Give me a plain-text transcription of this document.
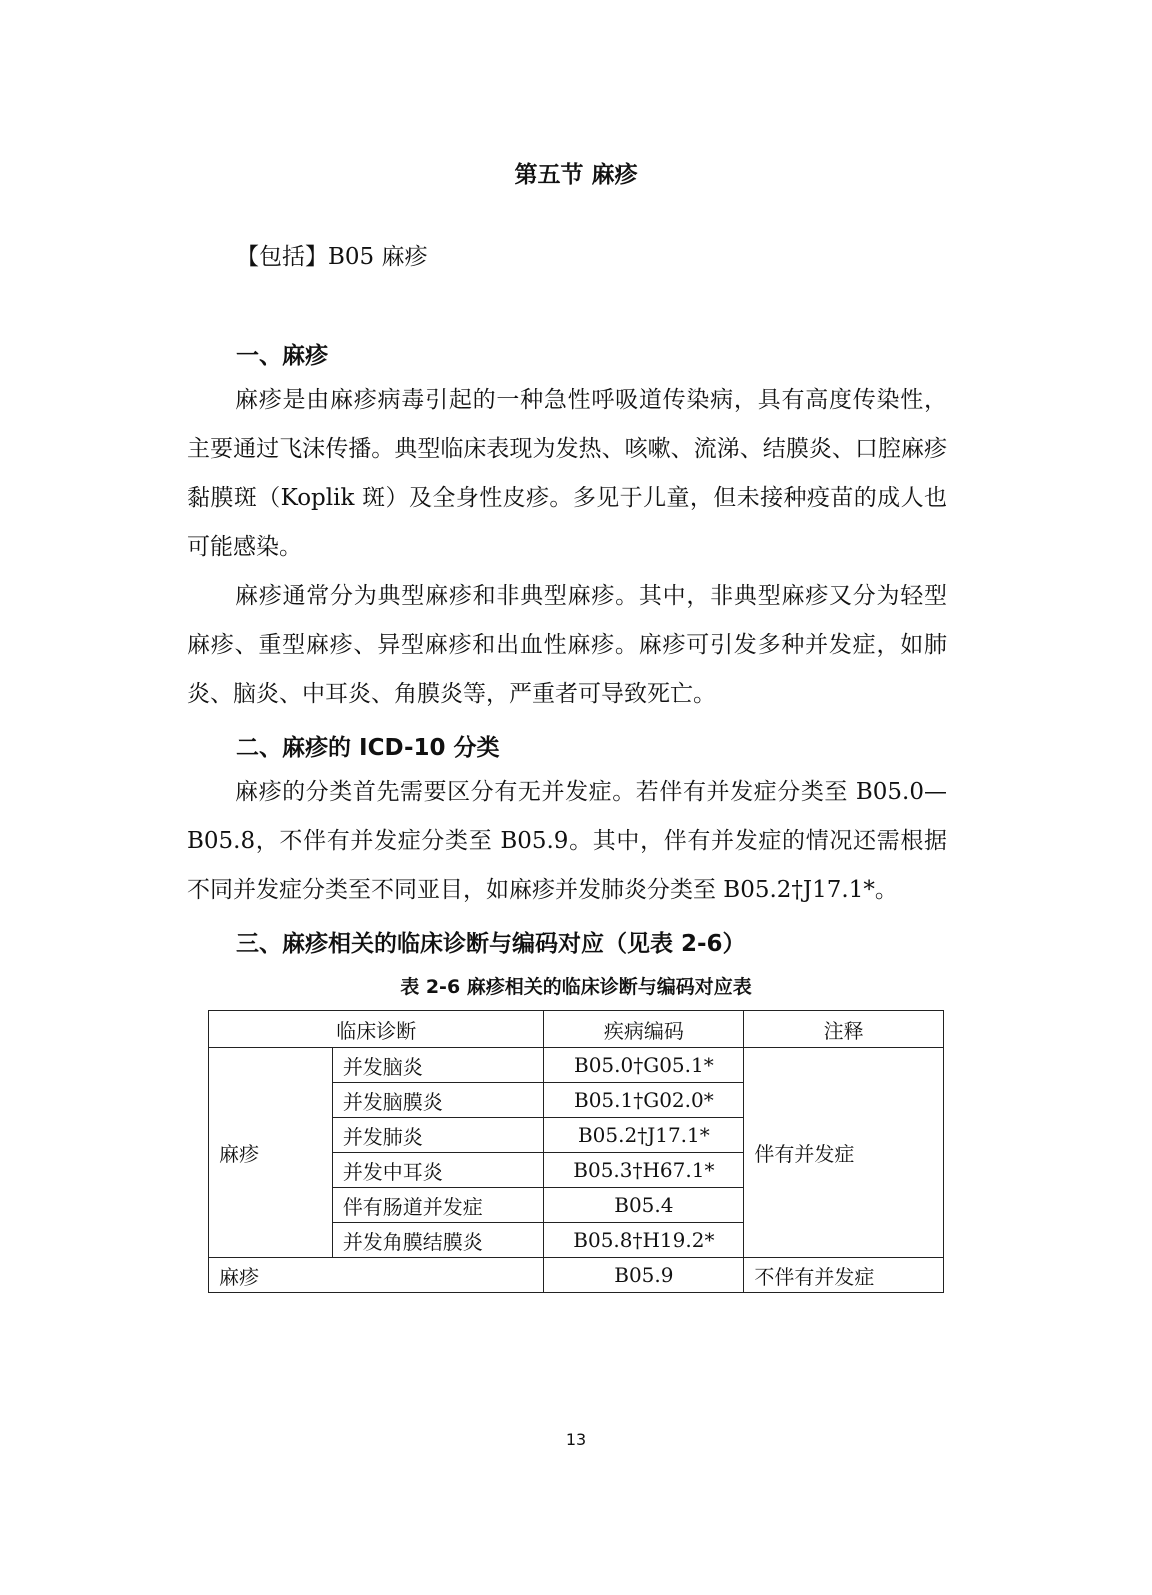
第五节 麻疹
【包括】B05 麻疹
一、麻疹

麻疹是由麻疹病毒引起的一种急性呼吸道传染病，具有高度传染性，主要通过飞沫传播。典型临床表现为发热、咳嗽、流涕、结膜炎、口腔麻疹黏膜斑（Koplik 斑）及全身性皮疹。多见于儿童，但未接种疫苗的成人也可能感染。

麻疹通常分为典型麻疹和非典型麻疹。其中，非典型麻疹又分为轻型麻疹、重型麻疹、异型麻疹和出血性麻疹。麻疹可引发多种并发症，如肺炎、脑炎、中耳炎、角膜炎等，严重者可导致死亡。

二、麻疹的 ICD-10 分类

麻疹的分类首先需要区分有无并发症。若伴有并发症分类至 B05.0—B05.8，不伴有并发症分类至 B05.9。其中，伴有并发症的情况还需根据不同并发症分类至不同亚目，如麻疹并发肺炎分类至 B05.2†J17.1*。

三、麻疹相关的临床诊断与编码对应（见表 2-6）
表 2-6 麻疹相关的临床诊断与编码对应表
临床诊断		疾病编码	注释
麻疹	并发脑炎	B05.0†G05.1*	伴有并发症
	并发脑膜炎	B05.1†G02.0*	
	并发肺炎	B05.2†J17.1*	
	并发中耳炎	B05.3†H67.1*	
	伴有肠道并发症	B05.4	
	并发角膜结膜炎	B05.8†H19.2*	
麻疹		B05.9	不伴有并发症
13
